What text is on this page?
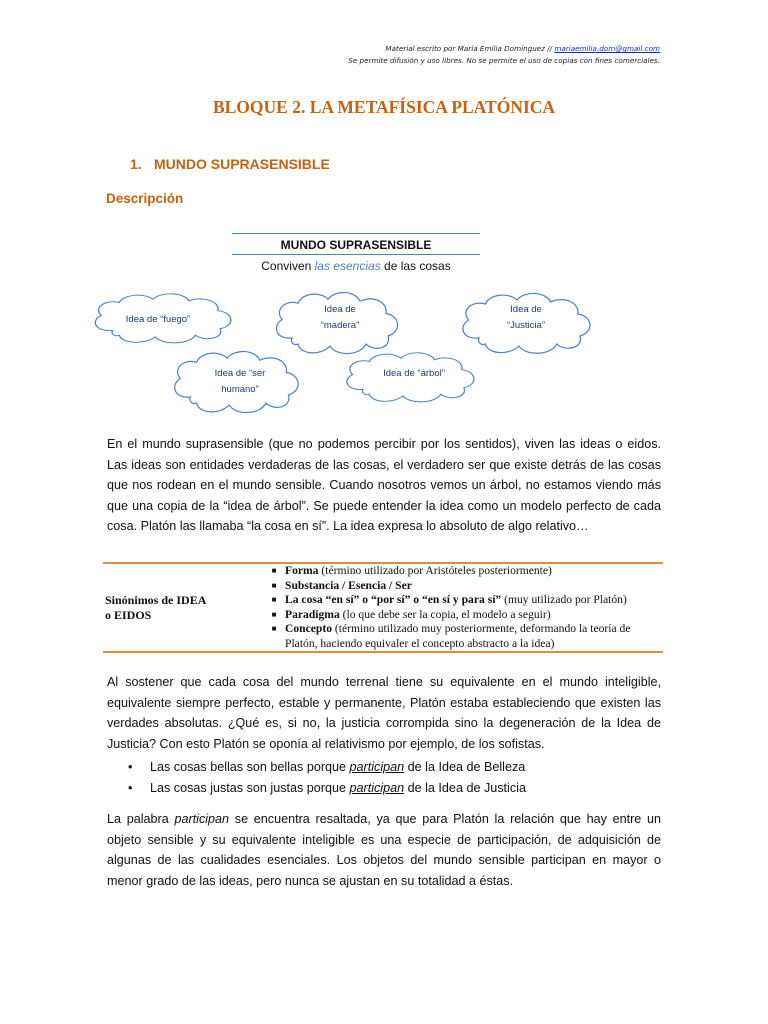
Material escrito por María Emilia Domínguez // mariaemilia.dom@gmail.com
Se permite difusión y uso libres. No se permite el uso de copias con fines comerciales.
BLOQUE 2. LA METAFÍSICA PLATÓNICA
1. MUNDO SUPRASENSIBLE
Descripción
MUNDO SUPRASENSIBLE
Conviven las esencias de las cosas
Idea de “fuego”
Idea de
“madera”
Idea de
“Justicia”
Idea de “ser
humano”
Idea de “árbol”
En el mundo suprasensible (que no podemos percibir por los sentidos), viven las ideas o eidos. Las ideas son entidades verdaderas de las cosas, el verdadero ser que existe detrás de las cosas que nos rodean en el mundo sensible. Cuando nosotros vemos un árbol, no estamos viendo más que una copia de la “idea de árbol”. Se puede entender la idea como un modelo perfecto de cada cosa. Platón las llamaba “la cosa en sí”. La idea expresa lo absoluto de algo relativo…
Sinónimos de IDEA
o EIDOS

■ Forma (término utilizado por Aristóteles posteriormente)
■ Substancia / Esencia / Ser
■ La cosa “en sí” o “por sí” o “en sí y para sí” (muy utilizado por Platón)
■ Paradigma (lo que debe ser la copia, el modelo a seguir)
■ Concepto (término utilizado muy posteriormente, deformando la teoría de Platón, haciendo equivaler el concepto abstracto a la idea)
Al sostener que cada cosa del mundo terrenal tiene su equivalente en el mundo inteligible, equivalente siempre perfecto, estable y permanente, Platón estaba estableciendo que existen las verdades absolutas. ¿Qué es, si no, la justicia corrompida sino la degeneración de la Idea de Justicia? Con esto Platón se oponía al relativismo por ejemplo, de los sofistas.
•	Las cosas bellas son bellas porque participan de la Idea de Belleza
•	Las cosas justas son justas porque participan de la Idea de Justicia
La palabra participan se encuentra resaltada, ya que para Platón la relación que hay entre un objeto sensible y su equivalente inteligible es una especie de participación, de adquisición de algunas de las cualidades esenciales. Los objetos del mundo sensible participan en mayor o menor grado de las ideas, pero nunca se ajustan en su totalidad a éstas.
